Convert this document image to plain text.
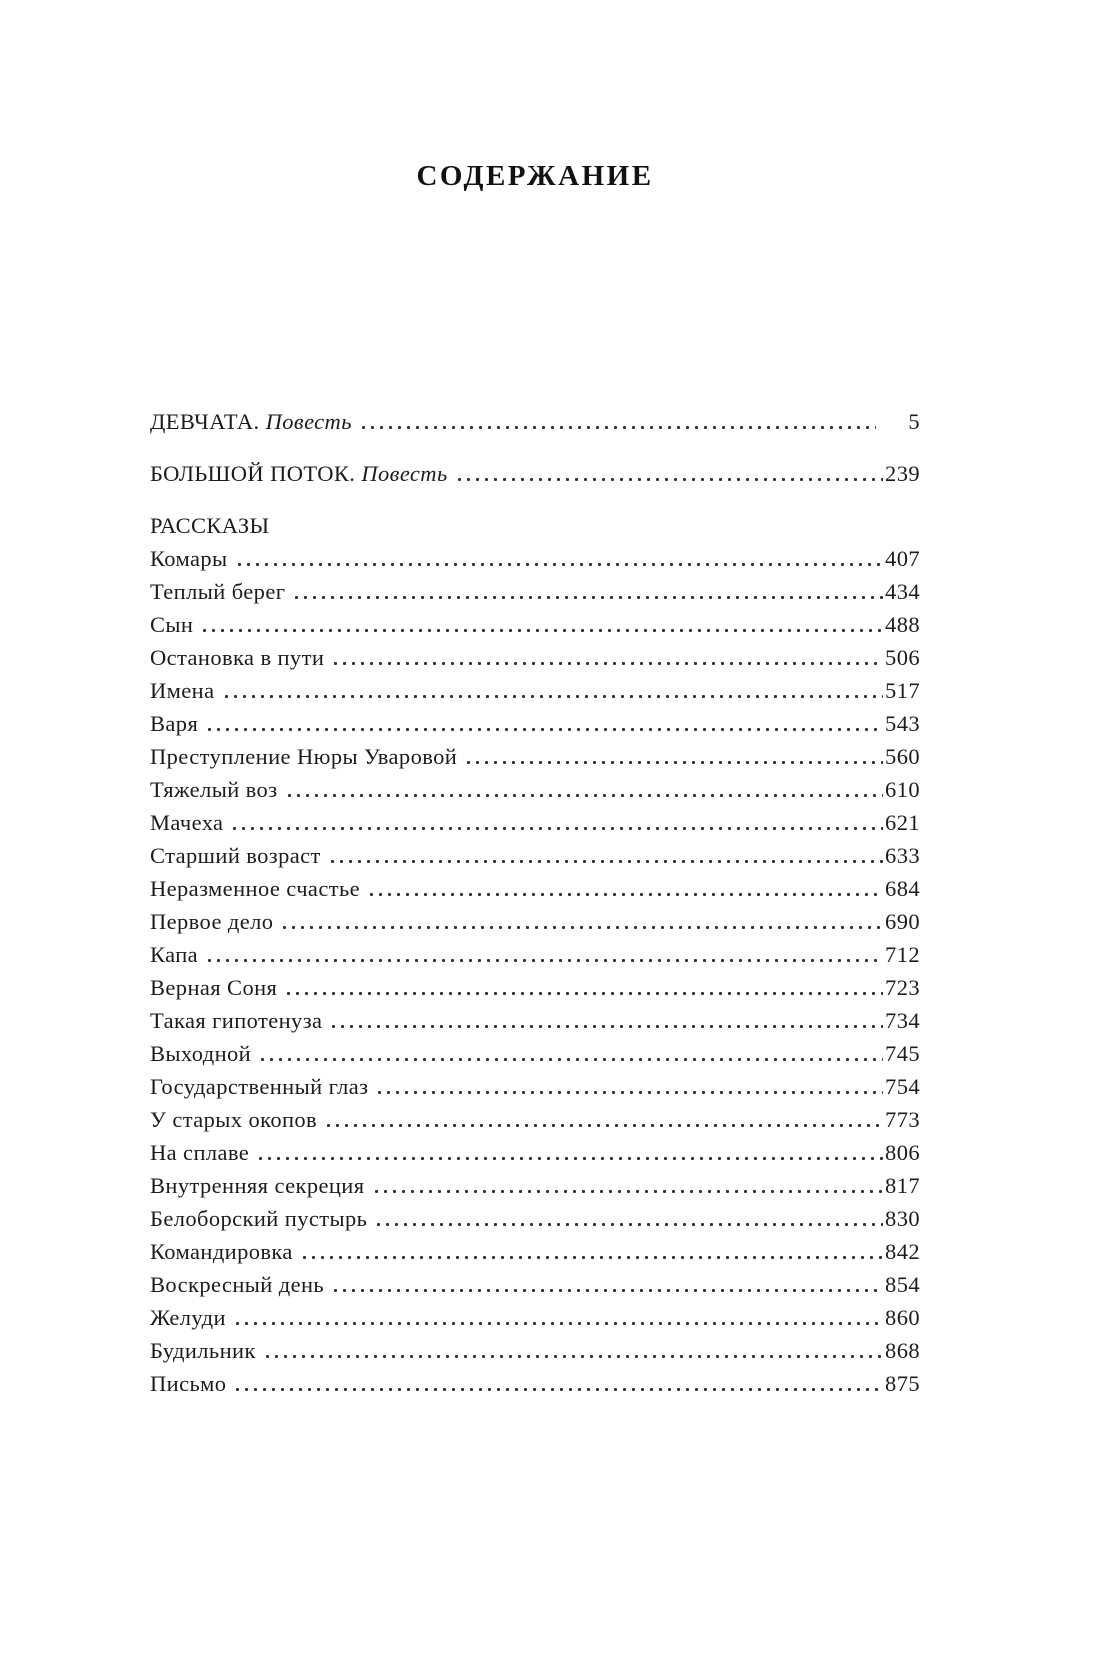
СОДЕРЖАНИЕ
ДЕВЧАТА. Повесть	5
БОЛЬШОЙ ПОТОК. Повесть	239
РАССКАЗЫ
Комары	407
Теплый берег	434
Сын	488
Остановка в пути	506
Имена	517
Варя	543
Преступление Нюры Уваровой	560
Тяжелый воз	610
Мачеха	621
Старший возраст	633
Неразменное счастье	684
Первое дело	690
Капа	712
Верная Соня	723
Такая гипотенуза	734
Выходной	745
Государственный глаз	754
У старых окопов	773
На сплаве	806
Внутренняя секреция	817
Белоборский пустырь	830
Командировка	842
Воскресный день	854
Желуди	860
Будильник	868
Письмо	875
